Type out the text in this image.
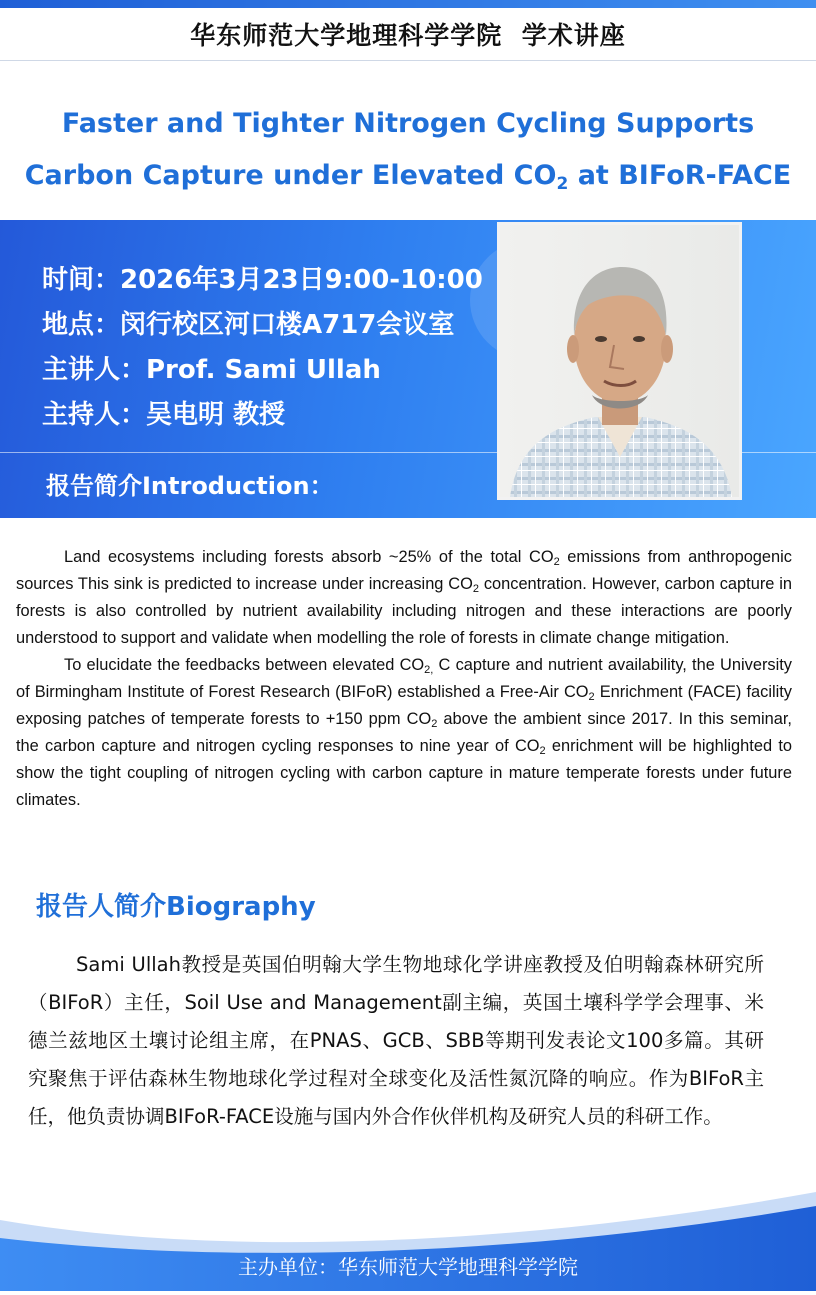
华东师范大学地理科学学院
学术讲座
Faster and Tighter Nitrogen Cycling Supports
Carbon Capture under Elevated $CO_2$ at BIFoR-FACE
时间：2026年3月23日9:00-10:00
地点：闵行校区河口楼A717会议室
主讲人：Prof. Sami Ullah
主持人：吴电明 教授
报告简介Introduction：

Land ecosystems including forests absorb ~25% of the total $CO_2$ emissions from anthropogenic sources This sink is predicted to increase under increasing $CO_2$ concentration. However, carbon capture in forests is also controlled by nutrient availability including nitrogen and these interactions are poorly understood to support and validate when modelling the role of forests in climate change mitigation.

To elucidate the feedbacks between elevated $CO_{2,}$ C capture and nutrient availability, the University of Birmingham Institute of Forest Research (BIFoR) established a Free-Air $CO_2$ Enrichment (FACE) facility exposing patches of temperate forests to +150 ppm $CO_2$ above the ambient since 2017. In this seminar, the carbon capture and nitrogen cycling responses to nine year of $CO_2$ enrichment will be highlighted to show the tight coupling of nitrogen cycling with carbon capture in mature temperate forests under future climates.

报告人简介Biography

Sami Ullah教授是英国伯明翰大学生物地球化学讲座教授及伯明翰森林研究所（BIFoR）主任，Soil Use and Management副主编，英国土壤科学学会理事、米德兰兹地区土壤讨论组主席，在PNAS、GCB、SBB等期刊发表论文100多篇。其研究聚焦于评估森林生物地球化学过程对全球变化及活性氮沉降的响应。作为BIFoR主任，他负责协调BIFoR-FACE设施与国内外合作伙伴机构及研究人员的科研工作。

主办单位：华东师范大学地理科学学院
